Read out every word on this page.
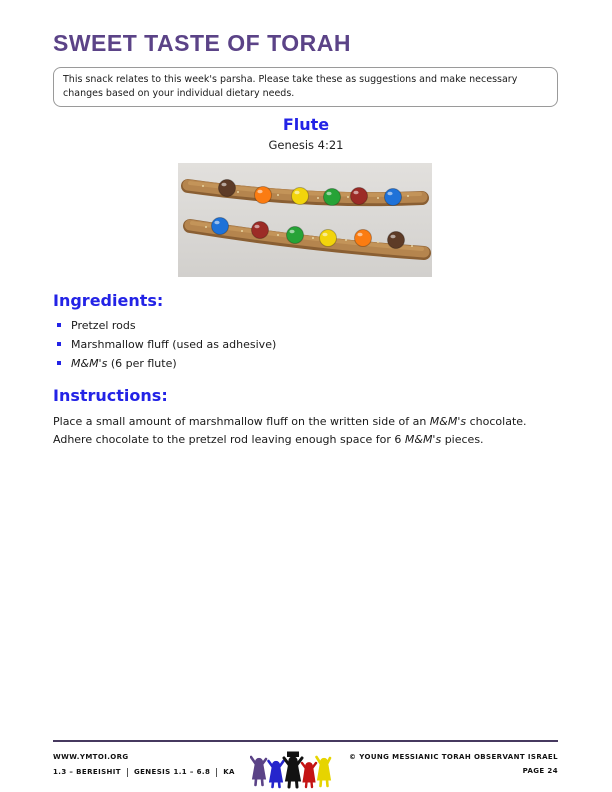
SWEET TASTE OF TORAH
This snack relates to this week's parsha. Please take these as suggestions and make necessary changes based on your individual dietary needs.
Flute
Genesis 4:21
Ingredients:
Pretzel rods
Marshmallow fluff (used as adhesive)
M&M's (6 per flute)
Instructions:

Place a small amount of marshmallow fluff on the written side of an M&M's chocolate. Adhere chocolate to the pretzel rod leaving enough space for 6 M&M's pieces.

WWW.YMTOI.ORG
1.3 – BEREISHIT GENESIS 1.1 – 6.8 KA
© YOUNG MESSIANIC TORAH OBSERVANT ISRAEL
PAGE 24
